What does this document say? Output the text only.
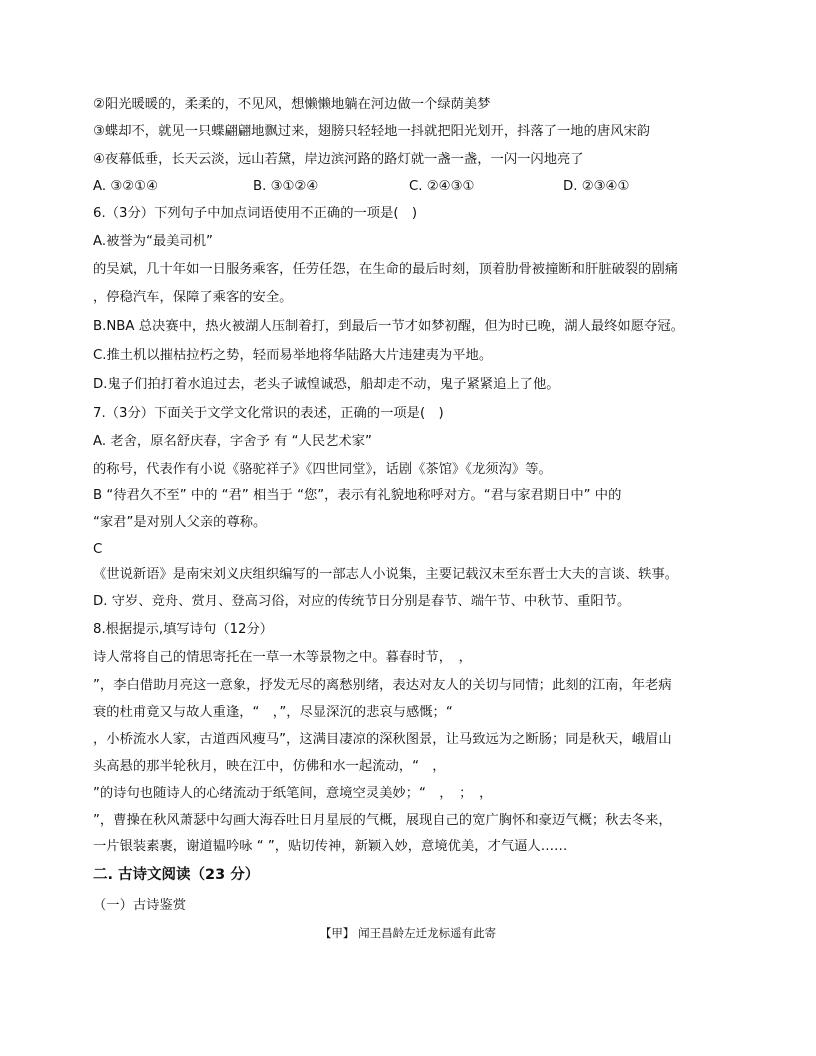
②阳光暖暖的，柔柔的，不见风，想懒懒地躺在河边做一个绿荫美梦
③蝶却不，就见一只蝶翩翩地飘过来，翅膀只轻轻地一抖就把阳光划开，抖落了一地的唐风宋韵
④夜幕低垂，长天云淡，远山若黛，岸边滨河路的路灯就一盏一盏，一闪一闪地亮了
A. ③②①④	B. ③①②④	C. ②④③①	D. ②③④①
6.（3分）下列句子中加点词语使用不正确的一项是(　)
A.被誉为“最美司机”
的吴斌，几十年如一日服务乘客，任劳任怨，在生命的最后时刻，顶着肋骨被撞断和肝脏破裂的剧痛
，停稳汽车，保障了乘客的安全。
B.NBA 总决赛中，热火被湖人压制着打，到最后一节才如梦初醒，但为时已晚，湖人最终如愿夺冠。
C.推土机以摧枯拉朽之势，轻而易举地将华陆路大片违建夷为平地。
D.鬼子们拍打着水追过去，老头子诚惶诚恐，船却走不动，鬼子紧紧追上了他。
7.（3分）下面关于文学文化常识的表述，正确的一项是(　)
A. 老舍，原名舒庆春，字舍予 有 “人民艺术家”
的称号，代表作有小说《骆驼祥子》《四世同堂》，话剧《茶馆》《龙须沟》等。
B “待君久不至” 中的 “君” 相当于 “您”，表示有礼貌地称呼对方。“君与家君期日中” 中的
“家君”是对别人父亲的尊称。
C
《世说新语》是南宋刘义庆组织编写的一部志人小说集，主要记载汉末至东晋士大夫的言谈、轶事。
D. 守岁、竞舟、赏月、登高习俗，对应的传统节日分别是春节、端午节、中秋节、重阳节。
8.根据提示,填写诗句（12分）
诗人常将自己的情思寄托在一草一木等景物之中。暮春时节，　，
”，李白借助月亮这一意象，抒发无尽的离愁别绪，表达对友人的关切与同情；此刻的江南，年老病
衰的杜甫竟又与故人重逢，“　，”，尽显深沉的悲哀与感慨；“
，小桥流水人家，古道西风瘦马”，这满目凄凉的深秋图景，让马致远为之断肠；同是秋天，峨眉山
头高悬的那半轮秋月，映在江中，仿佛和水一起流动，“　，
”的诗句也随诗人的心绪流动于纸笔间，意境空灵美妙；“　，　；　，
”，曹操在秋风萧瑟中勾画大海吞吐日月星辰的气概，展现自己的宽广胸怀和豪迈气概；秋去冬来，
一片银装素裹，谢道韫吟咏 “ ”，贴切传神，新颖入妙，意境优美，才气逼人……
二. 古诗文阅读（23 分）
（一）古诗鉴赏
【甲】 闻王昌龄左迁龙标遥有此寄
